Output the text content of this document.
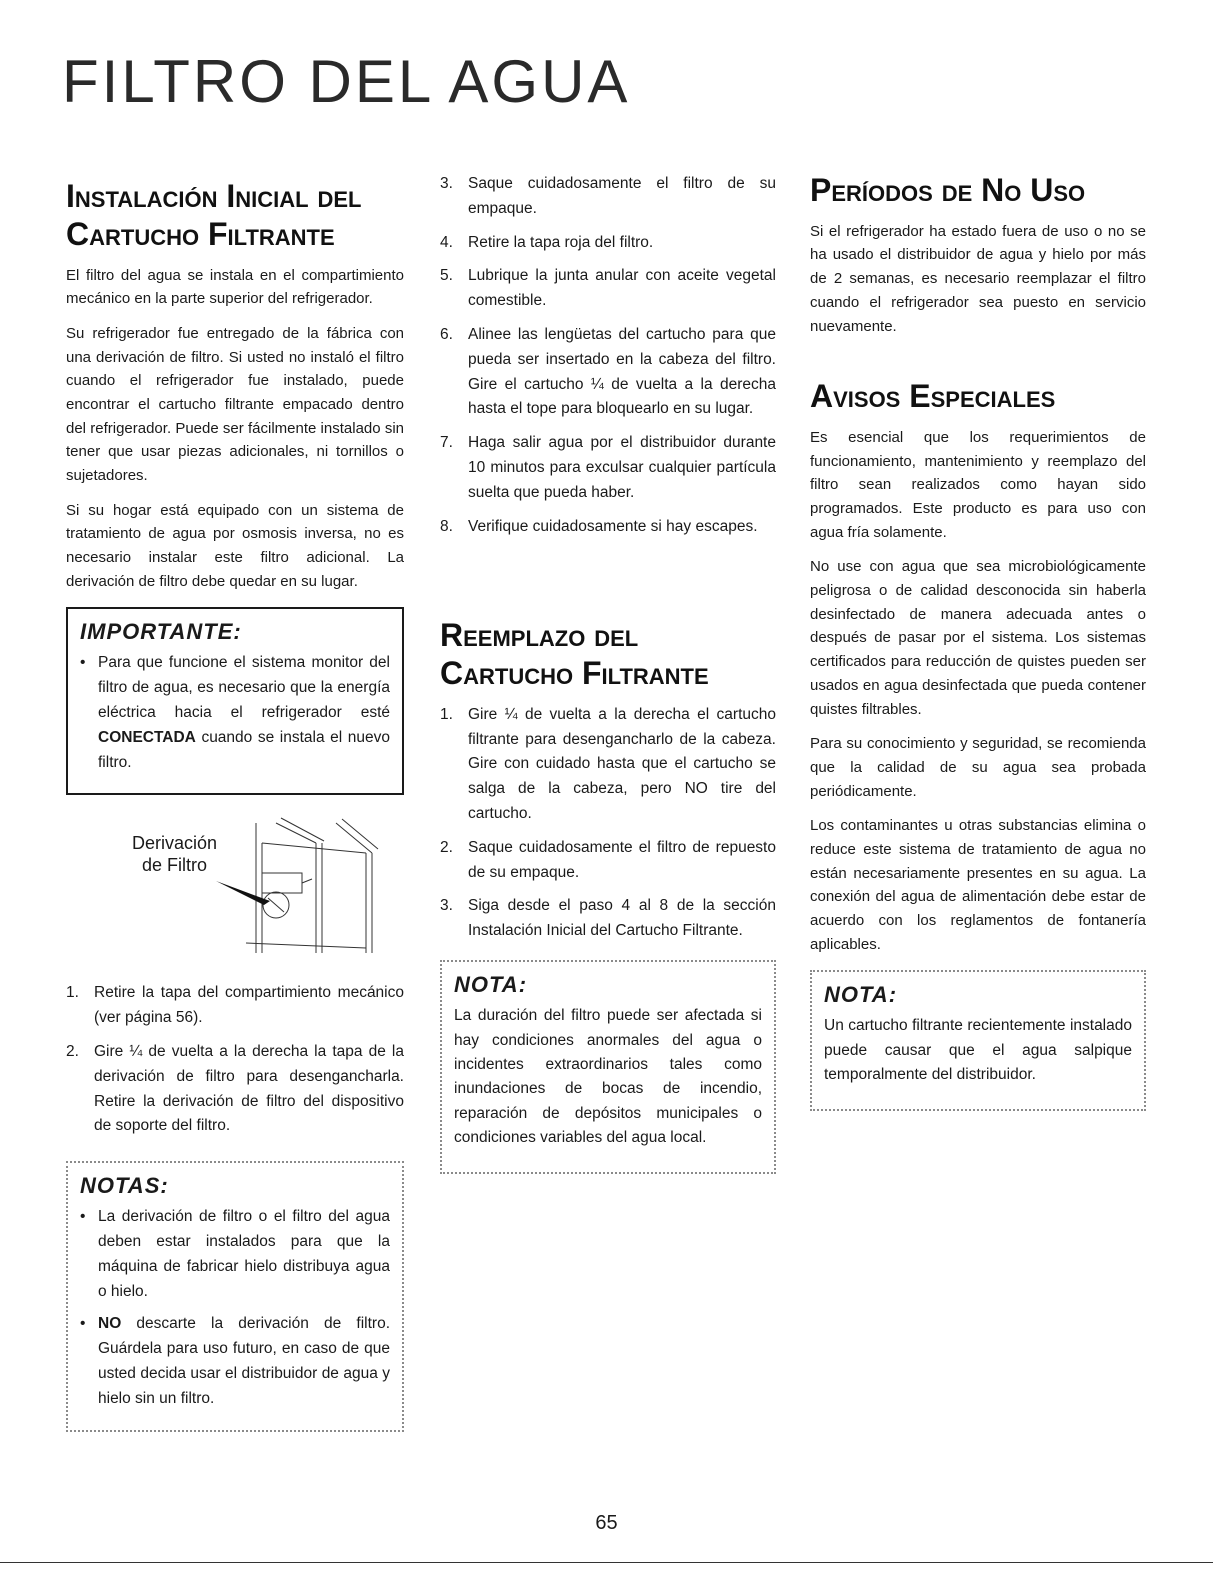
FILTRO DEL AGUA
Instalación Inicial del Cartucho Filtrante

El filtro del agua se instala en el compartimiento mecánico en la parte superior del refrigerador.

Su refrigerador fue entregado de la fábrica con una derivación de filtro. Si usted no instaló el filtro cuando el refrigerador fue instalado, puede encontrar el cartucho filtrante empacado dentro del refrigerador. Puede ser fácilmente instalado sin tener que usar piezas adicionales, ni tornillos o sujetadores.

Si su hogar está equipado con un sistema de tratamiento de agua por osmosis inversa, no es necesario instalar este filtro adicional. La derivación de filtro debe quedar en su lugar.

IMPORTANTE:
• Para que funcione el sistema monitor del filtro de agua, es necesario que la energía eléctrica hacia el refrigerador esté CONECTADA cuando se instala el nuevo filtro.
Derivación
de Filtro
1. Retire la tapa del compartimiento mecánico (ver página 56).
2. Gire ¼ de vuelta a la derecha la tapa de la derivación de filtro para desengancharla. Retire la derivación de filtro del dispositivo de soporte del filtro.
NOTAS:
• La derivación de filtro o el filtro del agua deben estar instalados para que la máquina de fabricar hielo distribuya agua o hielo.
• NO descarte la derivación de filtro. Guárdela para uso futuro, en caso de que usted decida usar el distribuidor de agua y hielo sin un filtro.
3. Saque cuidadosamente el filtro de su empaque.
4. Retire la tapa roja del filtro.
5. Lubrique la junta anular con aceite vegetal comestible.
6. Alinee las lengüetas del cartucho para que pueda ser insertado en la cabeza del filtro. Gire el cartucho ¼ de vuelta a la derecha hasta el tope para bloquearlo en su lugar.
7. Haga salir agua por el distribuidor durante 10 minutos para exculsar cualquier partícula suelta que pueda haber.
8. Verifique cuidadosamente si hay escapes.
Reemplazo del Cartucho Filtrante
1. Gire ¼ de vuelta a la derecha el cartucho filtrante para desengancharlo de la cabeza. Gire con cuidado hasta que el cartucho se salga de la cabeza, pero NO tire del cartucho.
2. Saque cuidadosamente el filtro de repuesto de su empaque.
3. Siga desde el paso 4 al 8 de la sección Instalación Inicial del Cartucho Filtrante.
NOTA:

La duración del filtro puede ser afectada si hay condiciones anormales del agua o incidentes extraordinarios tales como inundaciones de bocas de incendio, reparación de depósitos municipales o condiciones variables del agua local.

Períodos de No Uso

Si el refrigerador ha estado fuera de uso o no se ha usado el distribuidor de agua y hielo por más de 2 semanas, es necesario reemplazar el filtro cuando el refrigerador sea puesto en servicio nuevamente.

Avisos Especiales

Es esencial que los requerimientos de funcionamiento, mantenimiento y reemplazo del filtro sean realizados como hayan sido programados. Este producto es para uso con agua fría solamente.

No use con agua que sea microbiológicamente peligrosa o de calidad desconocida sin haberla desinfectado de manera adecuada antes o después de pasar por el sistema. Los sistemas certificados para reducción de quistes pueden ser usados en agua desinfectada que pueda contener quistes filtrables.

Para su conocimiento y seguridad, se recomienda que la calidad de su agua sea probada periódicamente.

Los contaminantes u otras substancias elimina o reduce este sistema de tratamiento de agua no están necesariamente presentes en su agua. La conexión del agua de alimentación debe estar de acuerdo con los reglamentos de fontanería aplicables.

NOTA:

Un cartucho filtrante recientemente instalado puede causar que el agua salpique temporalmente del distribuidor.

65
